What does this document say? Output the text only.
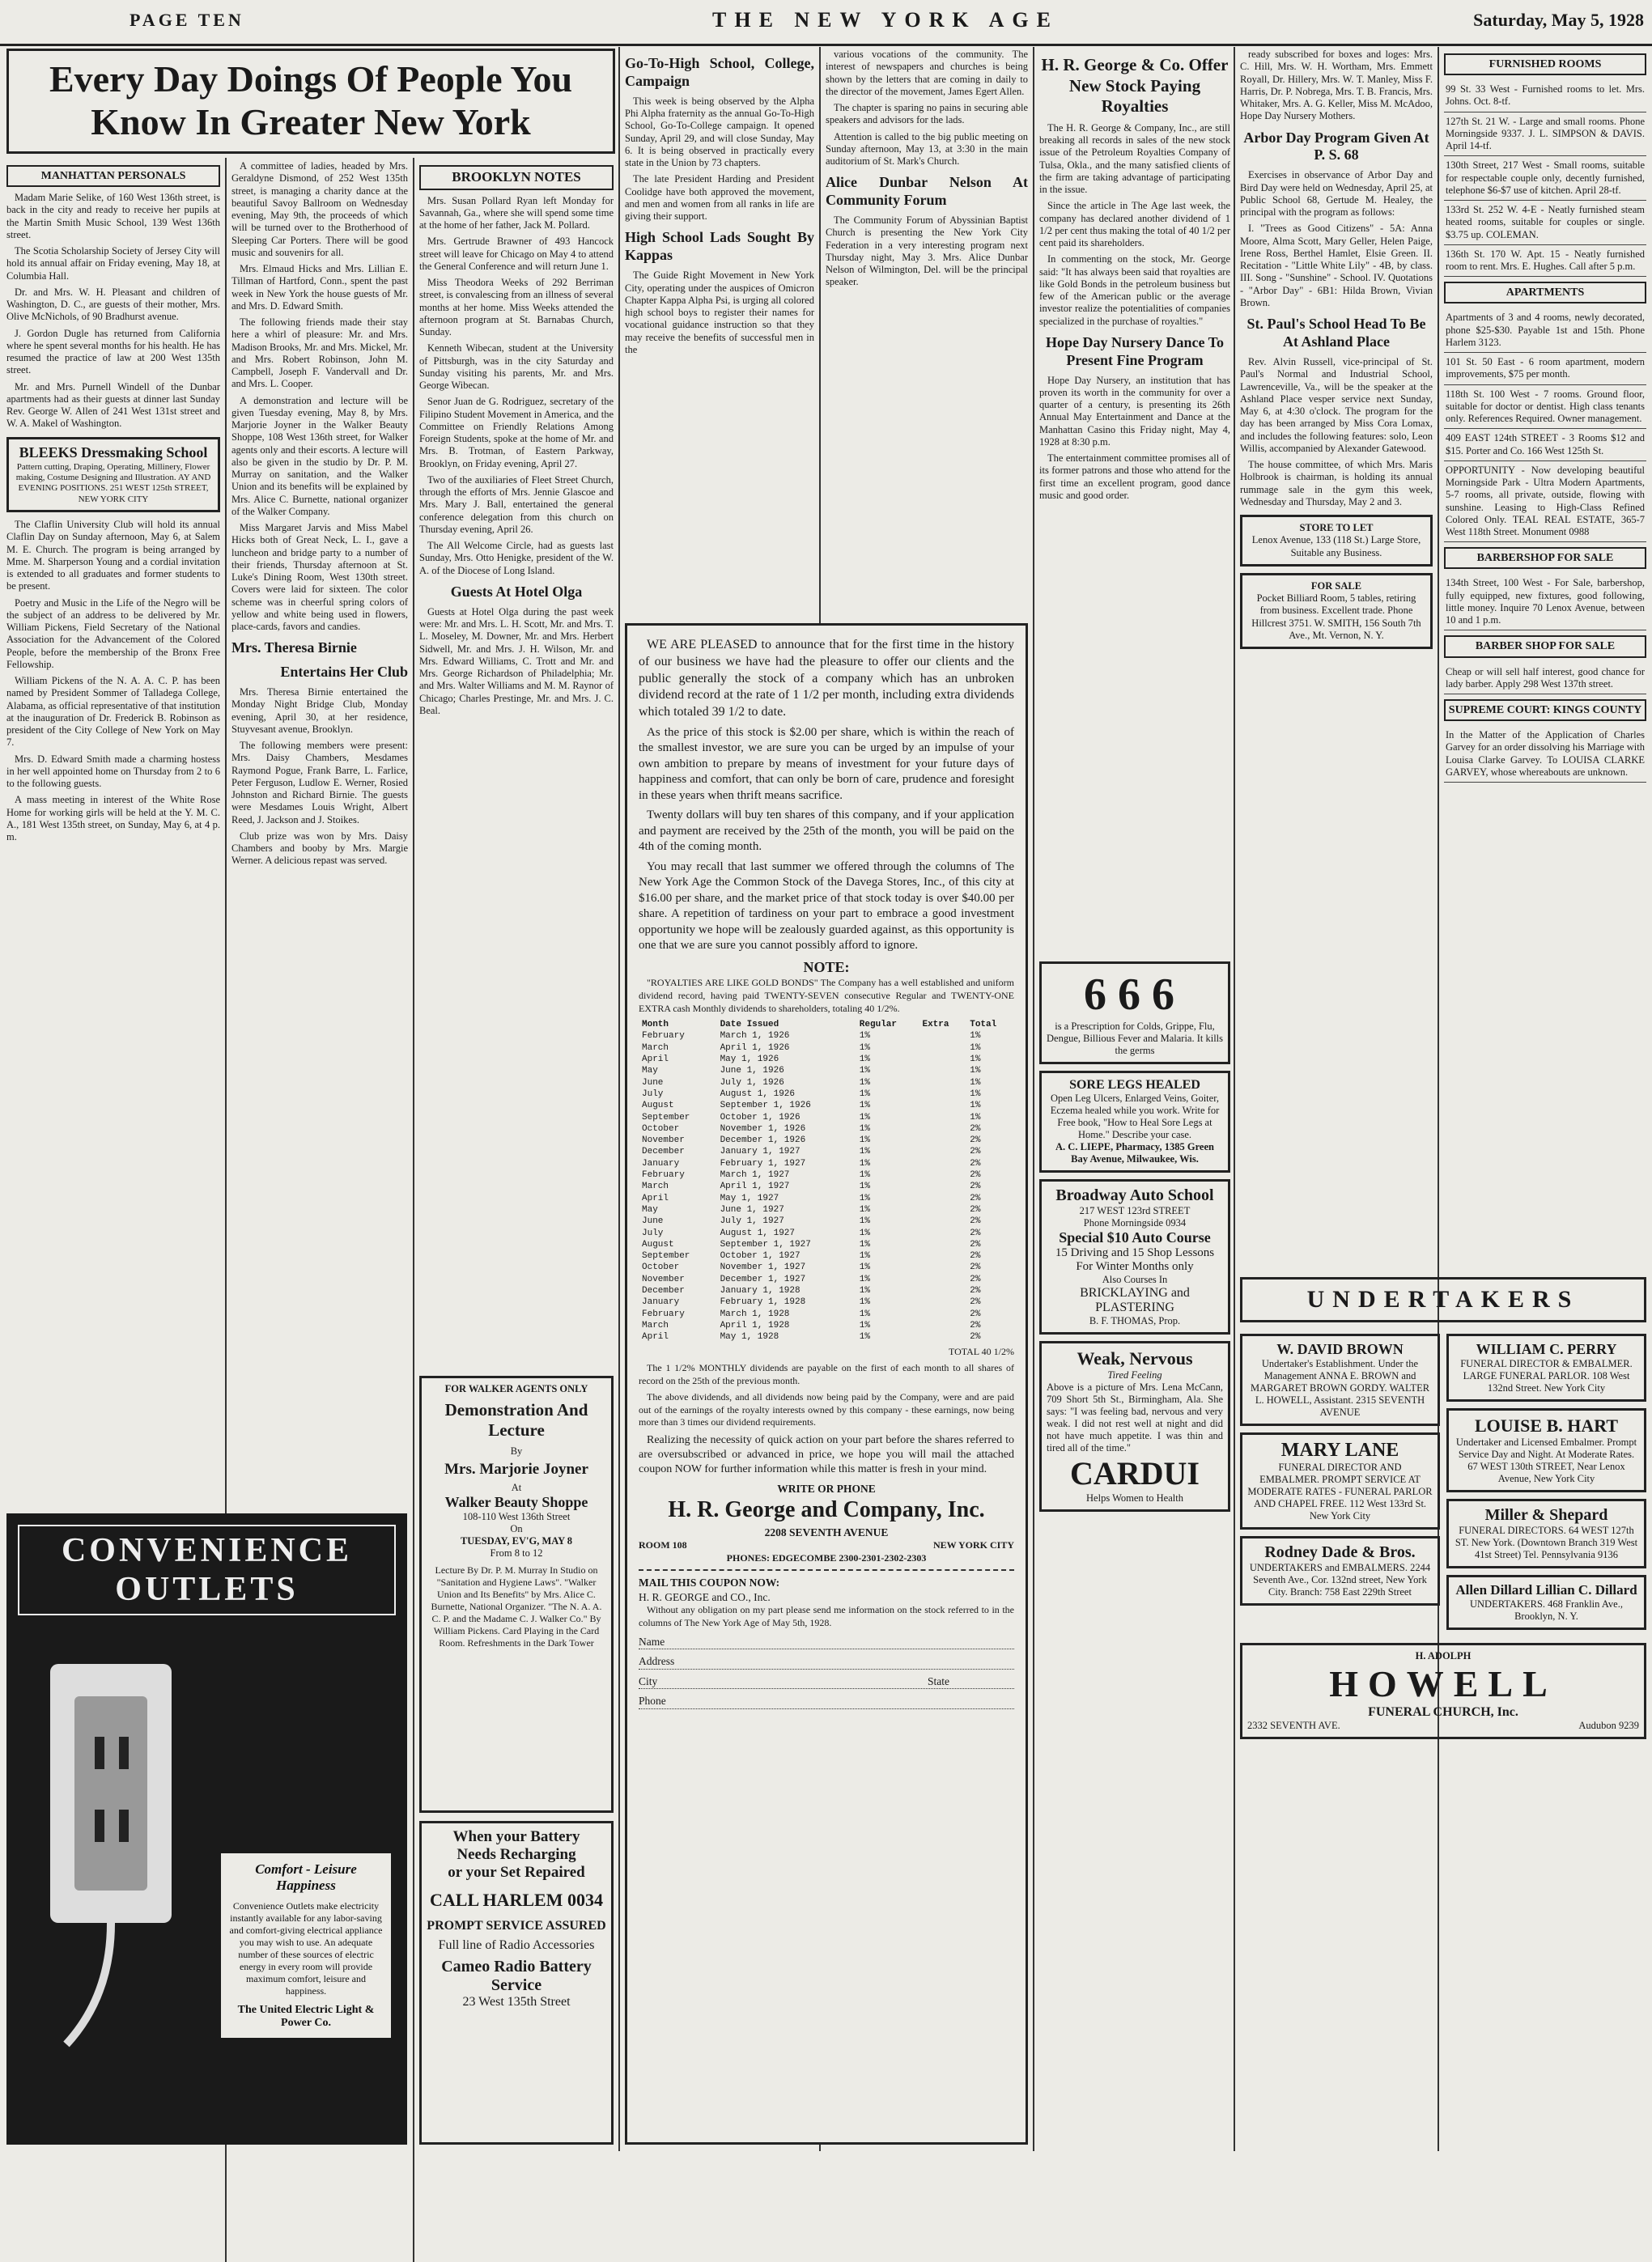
PAGE TEN	THE NEW YORK AGE	Saturday, May 5, 1928
Every Day Doings Of People You Know In Greater New York
MANHATTAN PERSONALS

Madam Marie Selike, of 160 West 136th street, is back in the city and ready to receive her pupils at the Martin Smith Music School, 139 West 136th street.

The Scotia Scholarship Society of Jersey City will hold its annual affair on Friday evening, May 18, at Columbia Hall.

Dr. and Mrs. W. H. Pleasant and children of Washington, D. C., are guests of their mother, Mrs. Olive McNichols, of 90 Bradhurst avenue.

J. Gordon Dugle has returned from California where he spent several months for his health. He has resumed the practice of law at 200 West 135th street.

Mr. and Mrs. Purnell Windell of the Dunbar apartments had as their guests at dinner last Sunday Rev. George W. Allen of 241 West 131st street and W. A. Makel of Washington.

BLEEKS Dressmaking School
Pattern cutting, Draping, Operating, Millinery, Flower making, Costume Designing and Illustration. AY AND EVENING POSITIONS. 251 WEST 125th STREET, NEW YORK CITY

The Claflin University Club will hold its annual Claflin Day on Sunday afternoon, May 6, at Salem M. E. Church. The program is being arranged by Mme. M. Sharperson Young and a cordial invitation is extended to all graduates and former students to be present.

Poetry and Music in the Life of the Negro will be the subject of an address to be delivered by Mr. William Pickens, Field Secretary of the National Association for the Advancement of the Colored People, before the membership of the Bronx Free Fellowship.

William Pickens of the N. A. A. C. P. has been named by President Sommer of Talladega College, Alabama, as official representative of that institution at the inauguration of Dr. Frederick B. Robinson as president of the City College of New York on May 7.

Mrs. D. Edward Smith made a charming hostess in her well appointed home on Thursday from 2 to 6 to the following guests.

A mass meeting in interest of the White Rose Home for working girls will be held at the Y. M. C. A., 181 West 135th street, on Sunday, May 6, at 4 p. m.

CONVENIENCE OUTLETS
Comfort - Leisure Happiness
Convenience Outlets make electricity instantly available for any labor-saving and comfort-giving electrical appliance you may wish to use. An adequate number of these sources of electric energy in every room will provide maximum comfort, leisure and happiness.
The United Electric Light & Power Co.

A committee of ladies, headed by Mrs. Geraldyne Dismond, of 252 West 135th street, is managing a charity dance at the beautiful Savoy Ballroom on Wednesday evening, May 9th, the proceeds of which will be turned over to the Brotherhood of Sleeping Car Porters. There will be good music and souvenirs for all.

Mrs. Elmaud Hicks and Mrs. Lillian E. Tillman of Hartford, Conn., spent the past week in New York the house guests of Mr. and Mrs. D. Edward Smith.

The following friends made their stay here a whirl of pleasure: Mr. and Mrs. Madison Brooks, Mr. and Mrs. Mickel, Mr. and Mrs. Robert Robinson, John M. Campbell, Joseph F. Vandervall and Dr. and Mrs. L. Cooper.

A demonstration and lecture will be given Tuesday evening, May 8, by Mrs. Marjorie Joyner in the Walker Beauty Shoppe, 108 West 136th street, for Walker agents only and their escorts. A lecture will also be given in the studio by Dr. P. M. Murray on sanitation, and the Walker Union and its benefits will be explained by Mrs. Alice C. Burnette, national organizer of the Walker Company.

Miss Margaret Jarvis and Miss Mabel Hicks both of Great Neck, L. I., gave a luncheon and bridge party to a number of their friends, Thursday afternoon at St. Luke's Dining Room, West 130th street. Covers were laid for sixteen. The color scheme was in cheerful spring colors of yellow and white being used in flowers, place-cards, favors and candies.

Mrs. Theresa Birnie
Entertains Her Club

Mrs. Theresa Birnie entertained the Monday Night Bridge Club, Monday evening, April 30, at her residence, Stuyvesant avenue, Brooklyn.

The following members were present: Mrs. Daisy Chambers, Mesdames Raymond Pogue, Frank Barre, L. Farlice, Peter Ferguson, Ludlow E. Werner, Rosied Johnston and Richard Birnie. The guests were Mesdames Louis Wright, Albert Reed, J. Jackson and J. Stoikes.

Club prize was won by Mrs. Daisy Chambers and booby by Mrs. Margie Werner. A delicious repast was served.

BROOKLYN NOTES

Mrs. Susan Pollard Ryan left Monday for Savannah, Ga., where she will spend some time at the home of her father, Jack M. Pollard.

Mrs. Gertrude Brawner of 493 Hancock street will leave for Chicago on May 4 to attend the General Conference and will return June 1.

Miss Theodora Weeks of 292 Berriman street, is convalescing from an illness of several months at her home. Miss Weeks attended the afternoon program at St. Barnabas Church, Sunday.

Kenneth Wibecan, student at the University of Pittsburgh, was in the city Saturday and Sunday visiting his parents, Mr. and Mrs. George Wibecan.

Senor Juan de G. Rodriguez, secretary of the Filipino Student Movement in America, and the Committee on Friendly Relations Among Foreign Students, spoke at the home of Mr. and Mrs. B. Trotman, of Eastern Parkway, Brooklyn, on Friday evening, April 27.

Two of the auxiliaries of Fleet Street Church, through the efforts of Mrs. Jennie Glascoe and Mrs. Mary J. Ball, entertained the general conference delegation from this church on Thursday evening, April 26.

The All Welcome Circle, had as guests last Sunday, Mrs. Otto Henigke, president of the W. A. of the Diocese of Long Island.

Guests At Hotel Olga

Guests at Hotel Olga during the past week were: Mr. and Mrs. L. H. Scott, Mr. and Mrs. T. L. Moseley, M. Downer, Mr. and Mrs. Herbert Sidwell, Mr. and Mrs. J. H. Wilson, Mr. and Mrs. Edward Williams, C. Trott and Mr. and Mrs. George Richardson of Philadelphia; Mr. and Mrs. Walter Williams and M. M. Raynor of Chicago; Charles Prestinge, Mr. and Mrs. J. C. Beal.

FOR WALKER AGENTS ONLY
Demonstration And Lecture
By
Mrs. Marjorie Joyner
At
Walker Beauty Shoppe
108-110 West 136th Street
On
TUESDAY, EV'G, MAY 8
From 8 to 12
Lecture By Dr. P. M. Murray In Studio on "Sanitation and Hygiene Laws". "Walker Union and Its Benefits" by Mrs. Alice C. Burnette, National Organizer. "The N. A. A. C. P. and the Madame C. J. Walker Co." By William Pickens. Card Playing in the Card Room. Refreshments in the Dark Tower
When your Battery
Needs Recharging
or your Set Repaired
CALL HARLEM 0034
PROMPT SERVICE ASSURED
Full line of Radio Accessories
Cameo Radio Battery Service
23 West 135th Street
Go-To-High School, College, Campaign

This week is being observed by the Alpha Phi Alpha fraternity as the annual Go-To-High School, Go-To-College campaign. It opened Sunday, April 29, and will close Sunday, May 6. It is being observed in practically every state in the Union by 73 chapters.

The late President Harding and President Coolidge have both approved the movement, and men and women from all ranks in life are giving their support.

High School Lads Sought By Kappas

The Guide Right Movement in New York City, operating under the auspices of Omicron Chapter Kappa Alpha Psi, is urging all colored high school boys to register their names for vocational guidance instruction so that they may receive the benefits of successful men in the

various vocations of the community. The interest of newspapers and churches is being shown by the letters that are coming in daily to the director of the movement, James Egert Allen.

The chapter is sparing no pains in securing able speakers and advisors for the lads.

Attention is called to the big public meeting on Sunday afternoon, May 13, at 3:30 in the main auditorium of St. Mark's Church.

Alice Dunbar Nelson At Community Forum

The Community Forum of Abyssinian Baptist Church is presenting the New York City Federation in a very interesting program next Thursday night, May 3. Mrs. Alice Dunbar Nelson of Wilmington, Del. will be the principal speaker.

WE ARE PLEASED to announce that for the first time in the history of our business we have had the pleasure to offer our clients and the public generally the stock of a company which has an unbroken dividend record at the rate of 1 1/2 per month, including extra dividends which totaled 39 1/2 to date.

As the price of this stock is $2.00 per share, which is within the reach of the smallest investor, we are sure you can be urged by an impulse of your own ambition to prepare by means of investment for your future days of happiness and comfort, that can only be born of care, prudence and foresight in these years when thrift means sacrifice.

Twenty dollars will buy ten shares of this company, and if your application and payment are received by the 25th of the month, you will be paid on the 4th of the coming month.

You may recall that last summer we offered through the columns of The New York Age the Common Stock of the Davega Stores, Inc., of this city at $16.00 per share, and the market price of that stock today is over $40.00 per share. A repetition of tardiness on your part to embrace a good investment opportunity we hope will be zealously guarded against, as this opportunity is one that we are sure you cannot possibly afford to ignore.

NOTE:

"ROYALTIES ARE LIKE GOLD BONDS" The Company has a well established and uniform dividend record, having paid TWENTY-SEVEN consecutive Regular and TWENTY-ONE EXTRA cash Monthly dividends to shareholders, totaling 40 1/2%.

Month	Date Issued	Regular	Extra	Total
February	March 1, 1926	1%		1%
March	April 1, 1926	1%		1%
April	May 1, 1926	1%		1%
May	June 1, 1926	1%		1%
June	July 1, 1926	1%		1%
July	August 1, 1926	1%		1%
August	September 1, 1926	1%		1%
September	October 1, 1926	1%		1%
October	November 1, 1926	1%		2%
November	December 1, 1926	1%		2%
December	January 1, 1927	1%		2%
January	February 1, 1927	1%		2%
February	March 1, 1927	1%		2%
March	April 1, 1927	1%		2%
April	May 1, 1927	1%		2%
May	June 1, 1927	1%		2%
June	July 1, 1927	1%		2%
July	August 1, 1927	1%		2%
August	September 1, 1927	1%		2%
September	October 1, 1927	1%		2%
October	November 1, 1927	1%		2%
November	December 1, 1927	1%		2%
December	January 1, 1928	1%		2%
January	February 1, 1928	1%		2%
February	March 1, 1928	1%		2%
March	April 1, 1928	1%		2%
April	May 1, 1928	1%		2%
TOTAL 40 1/2%

The 1 1/2% MONTHLY dividends are payable on the first of each month to all shares of record on the 25th of the previous month.

The above dividends, and all dividends now being paid by the Company, were and are paid out of the earnings of the royalty interests owned by this company - these earnings, now being more than 3 times our dividend requirements.

Realizing the necessity of quick action on your part before the shares referred to are oversubscribed or advanced in price, we hope you will mail the attached coupon NOW for further information while this matter is fresh in your mind.

WRITE OR PHONE
H. R. George and Company, Inc.
2208 SEVENTH AVENUE
ROOM 108	NEW YORK CITY
PHONES: EDGECOMBE 2300-2301-2302-2303
MAIL THIS COUPON NOW:
H. R. GEORGE and CO., Inc.

Without any obligation on my part please send me information on the stock referred to in the columns of The New York Age of May 5th, 1928.

Name
Address
City	State
Phone
H. R. George & Co. Offer New Stock Paying Royalties

The H. R. George & Company, Inc., are still breaking all records in sales of the new stock issue of the Petroleum Royalties Company of Tulsa, Okla., and the many satisfied clients of the firm are taking advantage of participating in the issue.

Since the article in The Age last week, the company has declared another dividend of 1 1/2 per cent thus making the total of 40 1/2 per cent paid its shareholders.

In commenting on the stock, Mr. George said: "It has always been said that royalties are like Gold Bonds in the petroleum business but few of the American public or the average investor realize the potentialities of companies specialized in the purchase of royalties."

Hope Day Nursery Dance To Present Fine Program

Hope Day Nursery, an institution that has proven its worth in the community for over a quarter of a century, is presenting its 26th Annual May Entertainment and Dance at the Manhattan Casino this Friday night, May 4, 1928 at 8:30 p.m.

The entertainment committee promises all of its former patrons and those who attend for the first time an excellent program, good dance music and good order.

666
is a Prescription for Colds, Grippe, Flu, Dengue, Billious Fever and Malaria. It kills the germs
SORE LEGS HEALED
Open Leg Ulcers, Enlarged Veins, Goiter, Eczema healed while you work. Write for Free book, "How to Heal Sore Legs at Home." Describe your case.
A. C. LIEPE, Pharmacy, 1385 Green Bay Avenue, Milwaukee, Wis.
Broadway Auto School
217 WEST 123rd STREET
Phone Morningside 0934
Special $10 Auto Course
15 Driving and 15 Shop Lessons
For Winter Months only
Also Courses In
BRICKLAYING and PLASTERING
B. F. THOMAS, Prop.
Weak, Nervous
Tired Feeling
Above is a picture of Mrs. Lena McCann, 709 Short 5th St., Birmingham, Ala. She says: "I was feeling bad, nervous and very weak. I did not rest well at night and did not have much appetite. I was thin and tired all of the time."
CARDUI
Helps Women to Health

ready subscribed for boxes and loges: Mrs. C. Hill, Mrs. W. H. Wortham, Mrs. Emmett Royall, Dr. Hillery, Mrs. W. T. Manley, Miss F. Harris, Dr. P. Nobrega, Mrs. T. B. Francis, Mrs. Whitaker, Mrs. A. G. Keller, Miss M. McAdoo, Hope Day Nursery Mothers.

Arbor Day Program Given At P. S. 68

Exercises in observance of Arbor Day and Bird Day were held on Wednesday, April 25, at Public School 68, Gertude M. Healey, the principal with the program as follows:

I. "Trees as Good Citizens" - 5A: Anna Moore, Alma Scott, Mary Geller, Helen Paige, Irene Ross, Berthel Hamlet, Elsie Green. II. Recitation - "Little White Lily" - 4B, by class. III. Song - "Sunshine" - School. IV. Quotations - "Arbor Day" - 6B1: Hilda Brown, Vivian Brown.

St. Paul's School Head To Be At Ashland Place

Rev. Alvin Russell, vice-principal of St. Paul's Normal and Industrial School, Lawrenceville, Va., will be the speaker at the Ashland Place vesper service next Sunday, May 6, at 4:30 o'clock. The program for the day has been arranged by Miss Cora Lomax, and includes the following features: solo, Leon Willis, accompanied by Alexander Gatewood.

The house committee, of which Mrs. Maris Holbrook is chairman, is holding its annual rummage sale in the gym this week, Wednesday and Thursday, May 2 and 3.

STORE TO LET
Lenox Avenue, 133 (118 St.) Large Store, Suitable any Business.
FOR SALE
Pocket Billiard Room, 5 tables, retiring from business. Excellent trade. Phone Hillcrest 3751. W. SMITH, 156 South 7th Ave., Mt. Vernon, N. Y.
FURNISHED ROOMS
99 St. 33 West - Furnished rooms to let. Mrs. Johns. Oct. 8-tf.
127th St. 21 W. - Large and small rooms. Phone Morningside 9337. J. L. SIMPSON & DAVIS. April 14-tf.
130th Street, 217 West - Small rooms, suitable for respectable couple only, decently furnished, telephone $6-$7 use of kitchen. April 28-tf.
133rd St. 252 W. 4-E - Neatly furnished steam heated rooms, suitable for couples or single. $3.75 up. COLEMAN.
136th St. 170 W. Apt. 15 - Neatly furnished room to rent. Mrs. E. Hughes. Call after 5 p.m.
APARTMENTS
Apartments of 3 and 4 rooms, newly decorated, phone $25-$30. Payable 1st and 15th. Phone Harlem 3123.
101 St. 50 East - 6 room apartment, modern improvements, $75 per month.
118th St. 100 West - 7 rooms. Ground floor, suitable for doctor or dentist. High class tenants only. References Required. Owner management.
409 EAST 124th STREET - 3 Rooms $12 and $15. Porter and Co. 166 West 125th St.
OPPORTUNITY - Now developing beautiful Morningside Park - Ultra Modern Apartments, 5-7 rooms, all private, outside, flowing with sunshine. Leasing to High-Class Refined Colored Only. TEAL REAL ESTATE, 365-7 West 118th Street. Monument 0988
BARBERSHOP FOR SALE
134th Street, 100 West - For Sale, barbershop, fully equipped, new fixtures, good following, little money. Inquire 70 Lenox Avenue, between 10 and 1 p.m.
BARBER SHOP FOR SALE
Cheap or will sell half interest, good chance for lady barber. Apply 298 West 137th street.
SUPREME COURT: KINGS COUNTY
In the Matter of the Application of Charles Garvey for an order dissolving his Marriage with Louisa Clarke Garvey. To LOUISA CLARKE GARVEY, whose whereabouts are unknown.
UNDERTAKERS
W. DAVID BROWN
Undertaker's Establishment. Under the Management ANNA E. BROWN and MARGARET BROWN GORDY. WALTER L. HOWELL, Assistant. 2315 SEVENTH AVENUE
MARY LANE
FUNERAL DIRECTOR AND EMBALMER. PROMPT SERVICE AT MODERATE RATES - FUNERAL PARLOR AND CHAPEL FREE. 112 West 133rd St. New York City
Rodney Dade & Bros.
UNDERTAKERS and EMBALMERS. 2244 Seventh Ave., Cor. 132nd street, New York City. Branch: 758 East 229th Street
WILLIAM C. PERRY
FUNERAL DIRECTOR & EMBALMER. LARGE FUNERAL PARLOR. 108 West 132nd Street. New York City
LOUISE B. HART
Undertaker and Licensed Embalmer. Prompt Service Day and Night. At Moderate Rates. 67 WEST 130th STREET, Near Lenox Avenue, New York City
Miller & Shepard
FUNERAL DIRECTORS. 64 WEST 127th ST. New York. (Downtown Branch 319 West 41st Street) Tel. Pennsylvania 9136
Allen Dillard Lillian C. Dillard
UNDERTAKERS. 468 Franklin Ave., Brooklyn, N. Y.
H. ADOLPH
HOWELL
FUNERAL CHURCH, Inc.
2332 SEVENTH AVE.	Audubon 9239
